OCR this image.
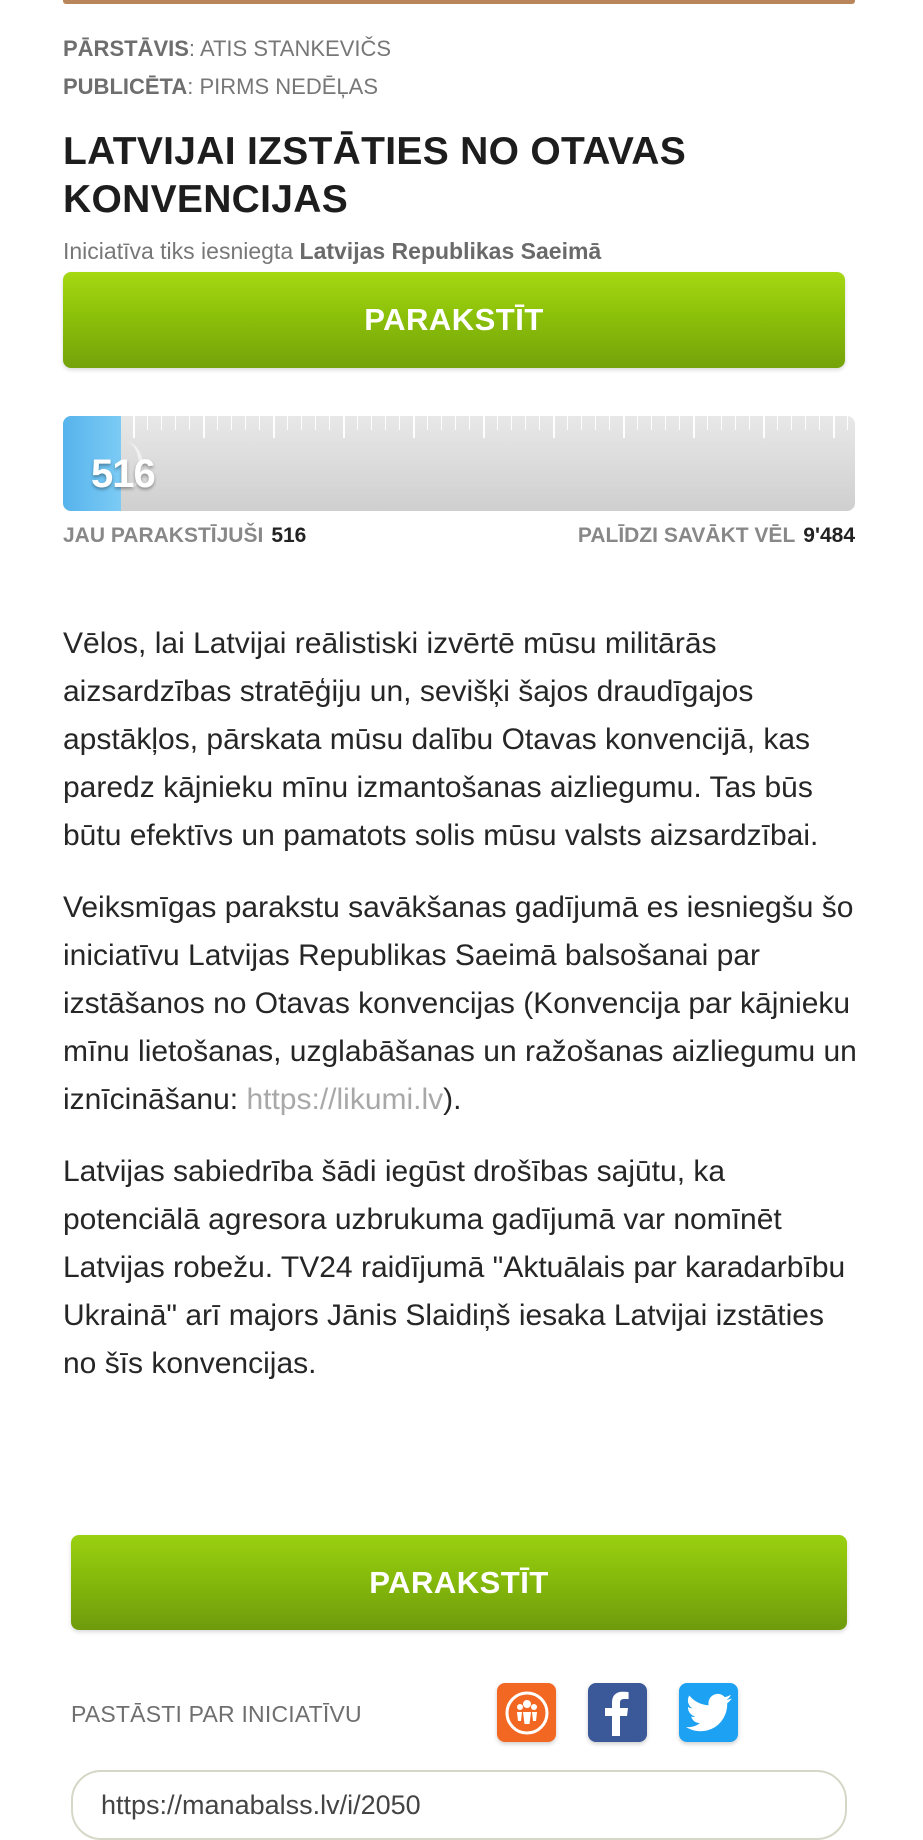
PĀRSTĀVIS: ATIS STANKEVIČS
PUBLICĒTA: PIRMS NEDĒĻAS
LATVIJAI IZSTĀTIES NO OTAVAS KONVENCIJAS
Iniciatīva tiks iesniegta Latvijas Republikas Saeimā
PARAKSTĪT
516
JAU PARAKSTĪJUŠI 516	PALĪDZI SAVĀKT VĒL 9'484

Vēlos, lai Latvijai reālistiski izvērtē mūsu militārās aizsardzības stratēģiju un, sevišķi šajos draudīgajos apstākļos, pārskata mūsu dalību Otavas konvencijā, kas paredz kājnieku mīnu izmantošanas aizliegumu. Tas būs būtu efektīvs un pamatots solis mūsu valsts aizsardzībai.

Veiksmīgas parakstu savākšanas gadījumā es iesniegšu šo iniciatīvu Latvijas Republikas Saeimā balsošanai par izstāšanos no Otavas konvencijas (Konvencija par kājnieku mīnu lietošanas, uzglabāšanas un ražošanas aizliegumu un iznīcināšanu: https://likumi.lv).

Latvijas sabiedrība šādi iegūst drošības sajūtu, ka potenciālā agresora uzbrukuma gadījumā var nomīnēt Latvijas robežu. TV24 raidījumā "Aktuālais par karadarbību Ukrainā" arī majors Jānis Slaidiņš iesaka Latvijai izstāties no šīs konvencijas.

PARAKSTĪT
PASTĀSTI PAR INICIATĪVU
https://manabalss.lv/i/2050
